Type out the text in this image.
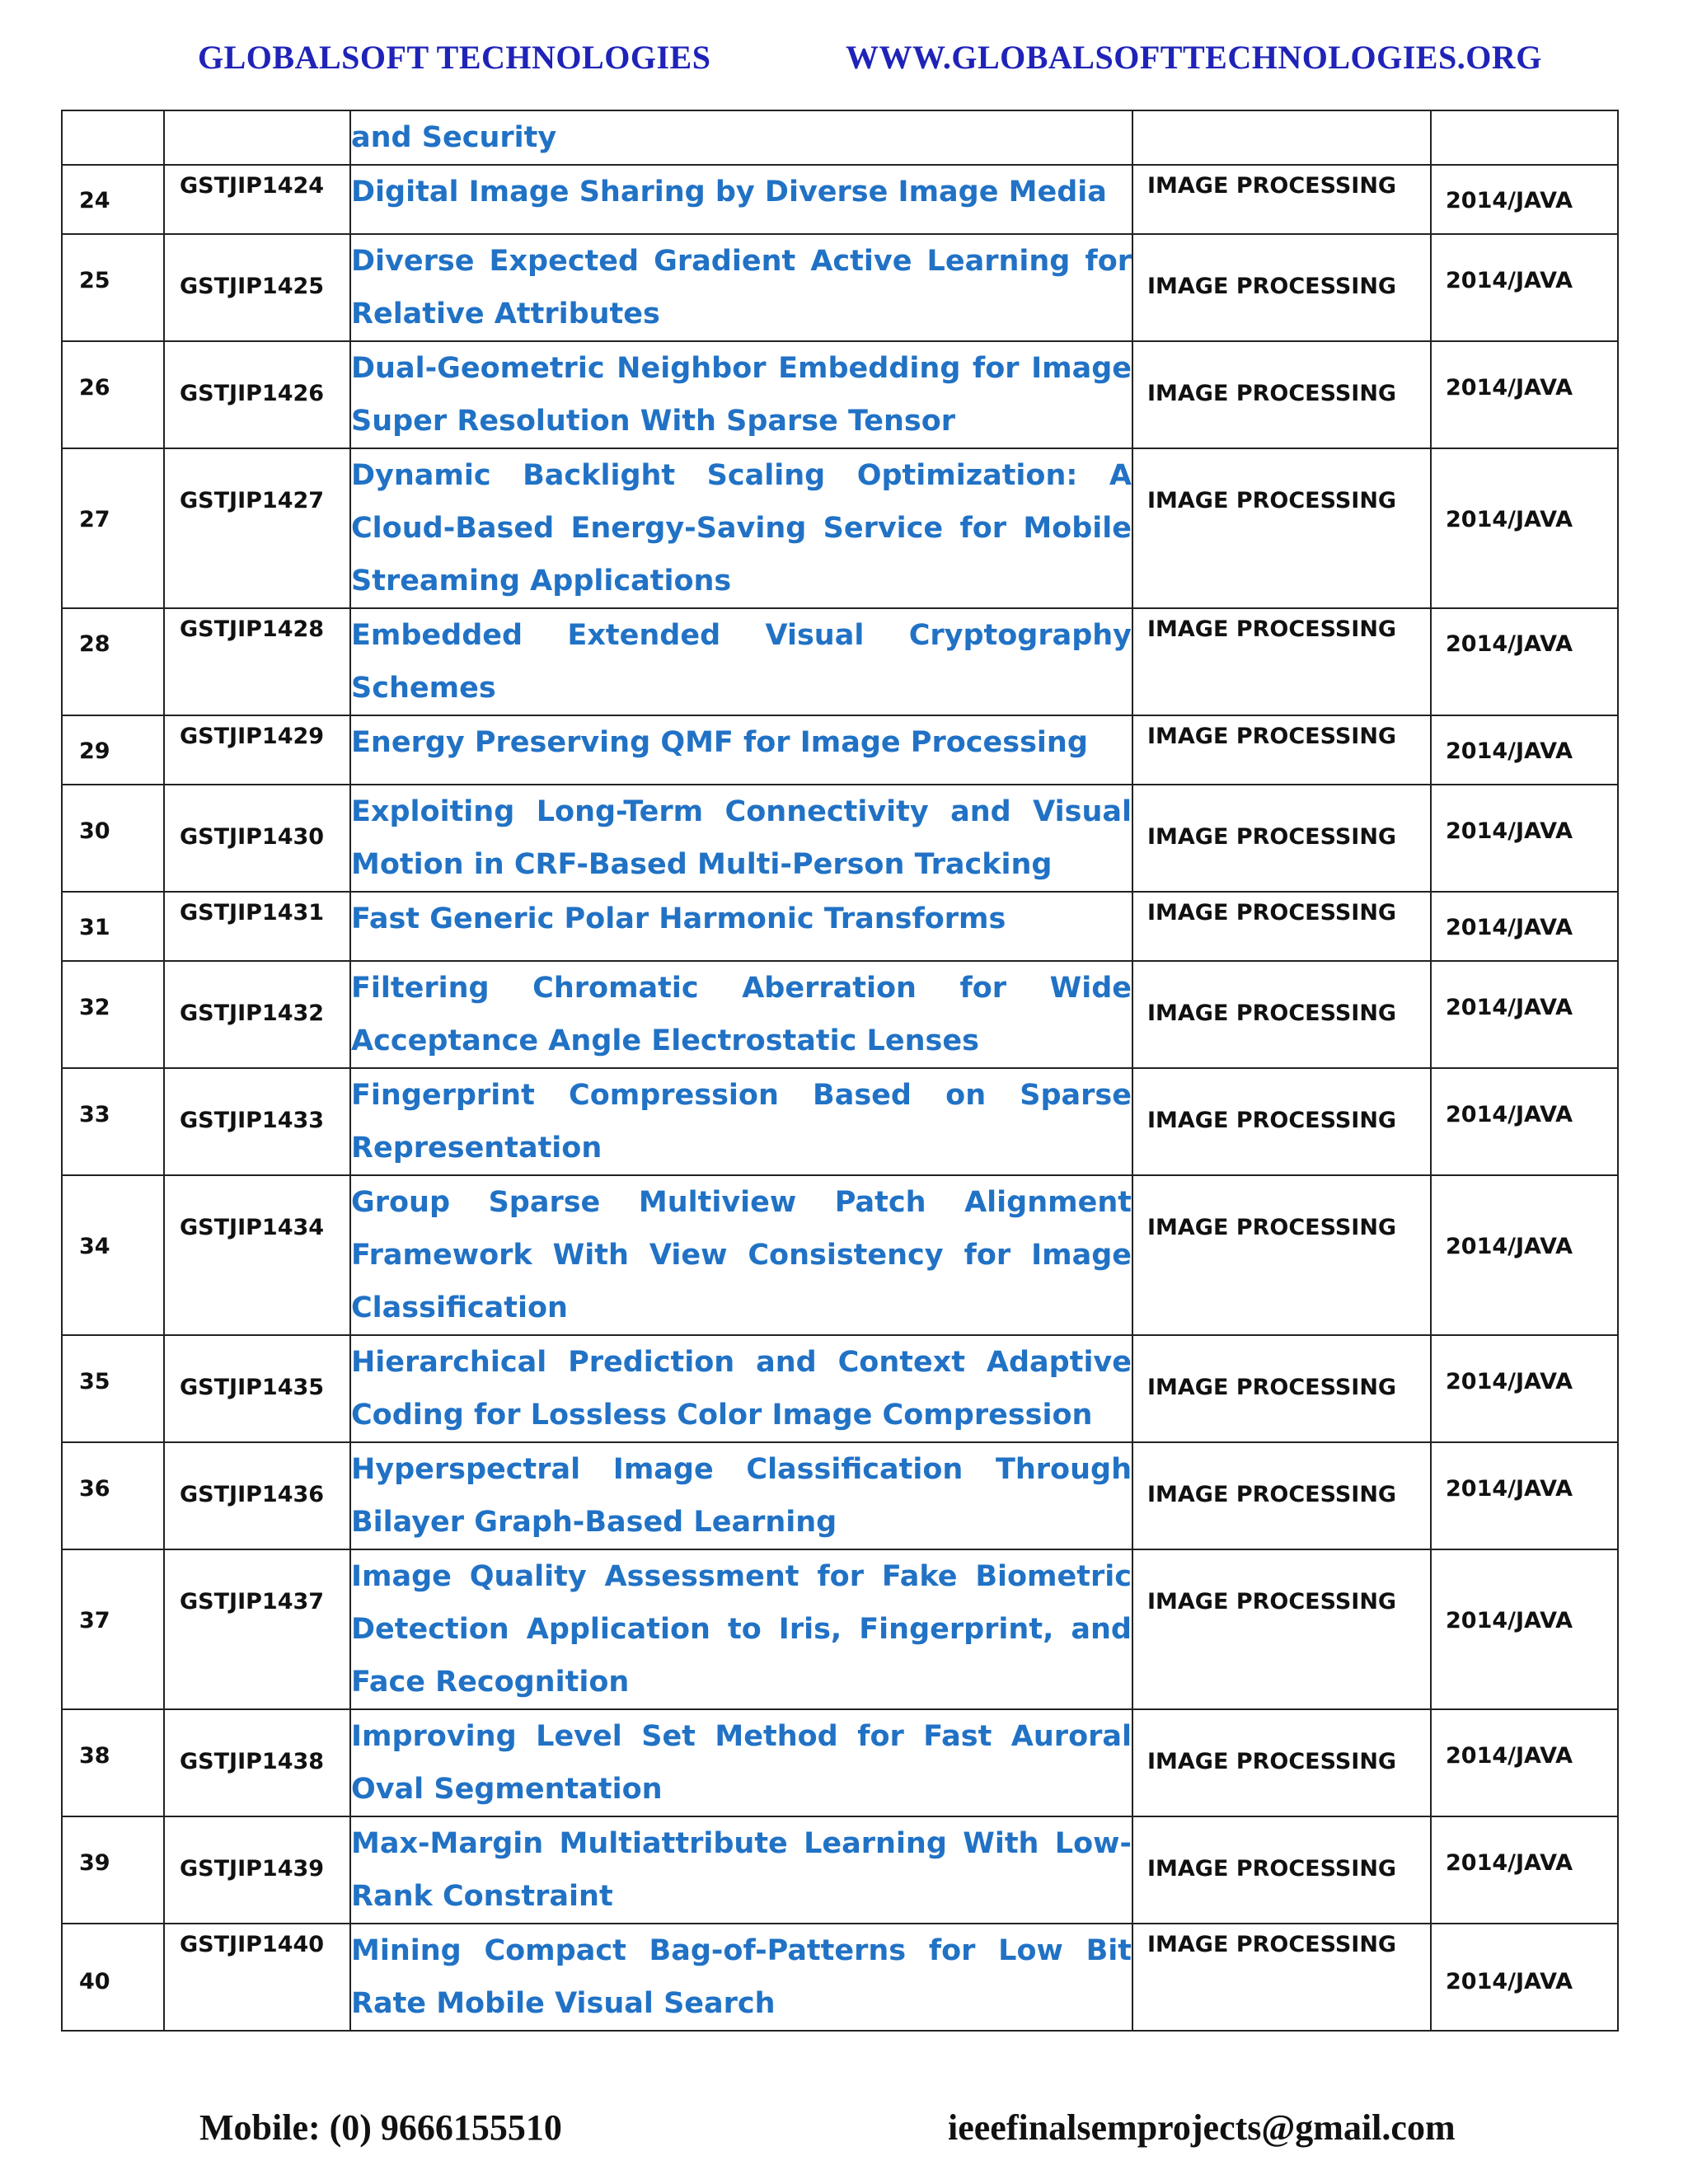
GLOBALSOFT TECHNOLOGIES	WWW.GLOBALSOFTTECHNOLOGIES.ORG

		and Security		

24	GSTJIP1424	Digital Image Sharing by Diverse Image Media	IMAGE PROCESSING	2014/JAVA

25	GSTJIP1425	Diverse Expected Gradient Active Learning for Relative Attributes	IMAGE PROCESSING	2014/JAVA

26	GSTJIP1426	Dual-Geometric Neighbor Embedding for Image Super Resolution With Sparse Tensor	IMAGE PROCESSING	2014/JAVA

27	GSTJIP1427	Dynamic Backlight Scaling Optimization: A Cloud-Based Energy-Saving Service for Mobile Streaming Applications	IMAGE PROCESSING	2014/JAVA

28	GSTJIP1428	Embedded Extended Visual Cryptography Schemes	IMAGE PROCESSING	2014/JAVA

29	GSTJIP1429	Energy Preserving QMF for Image Processing	IMAGE PROCESSING	2014/JAVA

30	GSTJIP1430	Exploiting Long-Term Connectivity and Visual Motion in CRF-Based Multi-Person Tracking	IMAGE PROCESSING	2014/JAVA

31	GSTJIP1431	Fast Generic Polar Harmonic Transforms	IMAGE PROCESSING	2014/JAVA

32	GSTJIP1432	Filtering Chromatic Aberration for Wide Acceptance Angle Electrostatic Lenses	IMAGE PROCESSING	2014/JAVA

33	GSTJIP1433	Fingerprint Compression Based on Sparse Representation	IMAGE PROCESSING	2014/JAVA

34	GSTJIP1434	Group Sparse Multiview Patch Alignment Framework With View Consistency for Image Classification	IMAGE PROCESSING	2014/JAVA

35	GSTJIP1435	Hierarchical Prediction and Context Adaptive Coding for Lossless Color Image Compression	IMAGE PROCESSING	2014/JAVA

36	GSTJIP1436	Hyperspectral Image Classification Through Bilayer Graph-Based Learning	IMAGE PROCESSING	2014/JAVA

37	GSTJIP1437	Image Quality Assessment for Fake Biometric Detection Application to Iris, Fingerprint, and Face Recognition	IMAGE PROCESSING	2014/JAVA

38	GSTJIP1438	Improving Level Set Method for Fast Auroral Oval Segmentation	IMAGE PROCESSING	2014/JAVA

39	GSTJIP1439	Max-Margin Multiattribute Learning With Low-Rank Constraint	IMAGE PROCESSING	2014/JAVA

40	GSTJIP1440	Mining Compact Bag-of-Patterns for Low Bit Rate Mobile Visual Search	IMAGE PROCESSING	2014/JAVA
Mobile: (0) 9666155510	ieeefinalsemprojects@gmail.com
